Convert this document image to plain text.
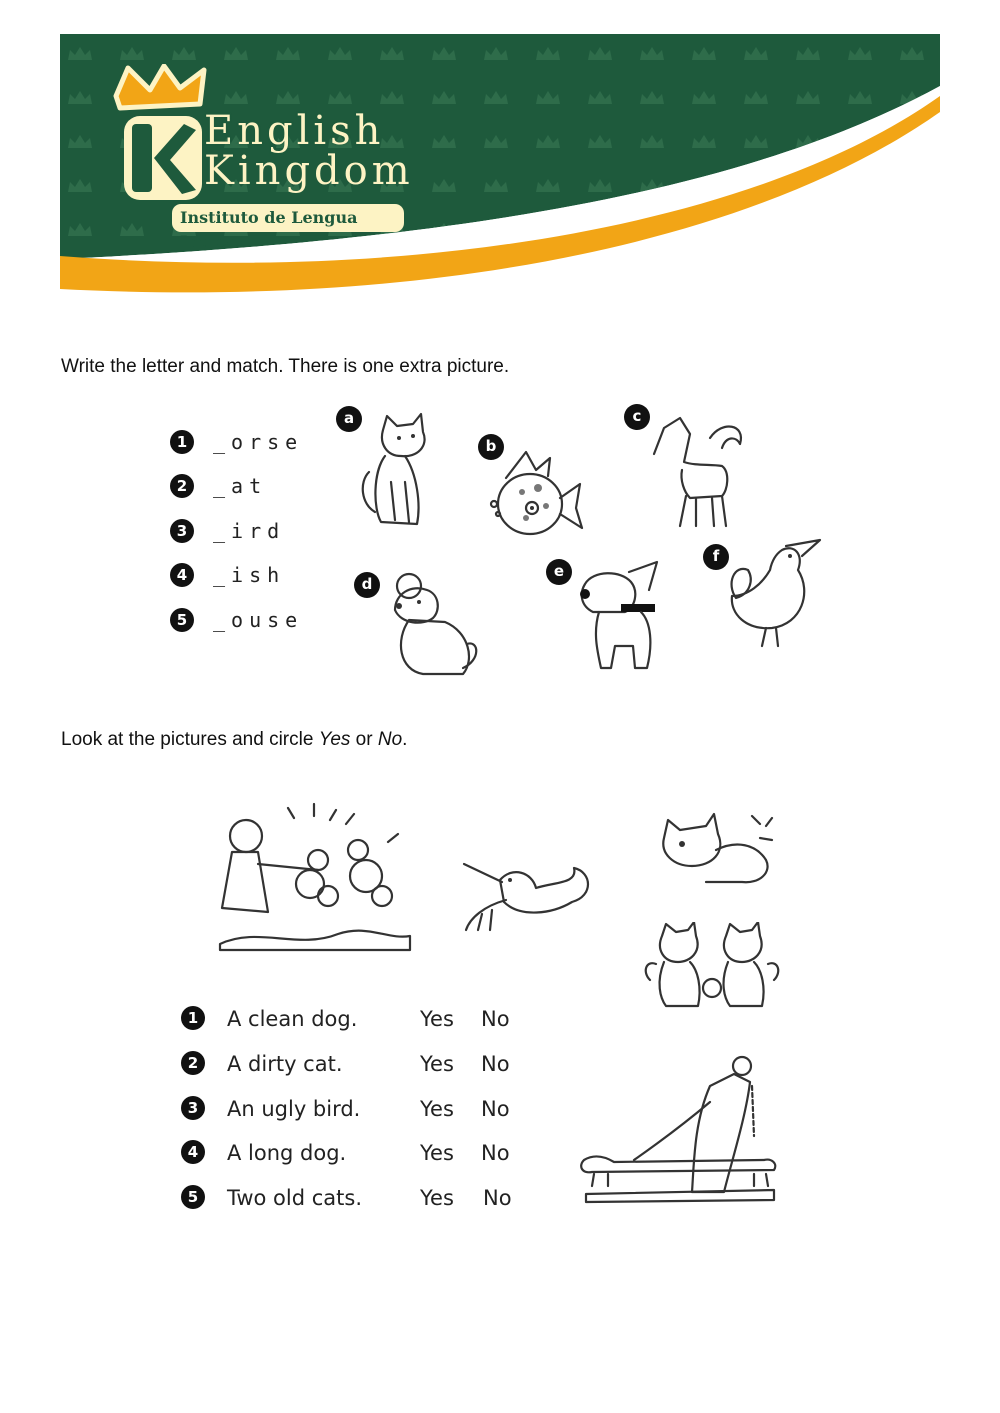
English
Kingdom
Instituto de Lengua Inglesa
Write the letter and match. There is one extra picture.
1	_orse
2	_at
3	_ird
4	_ish
5	_ouse
a
b
c
d
e
f
Look at the pictures and circle Yes or No.
1	A clean dog.	Yes No
2	A dirty cat.	Yes No
3	An ugly bird.	Yes No
4	A long dog.	Yes No
5	Two old cats.	Yes No
